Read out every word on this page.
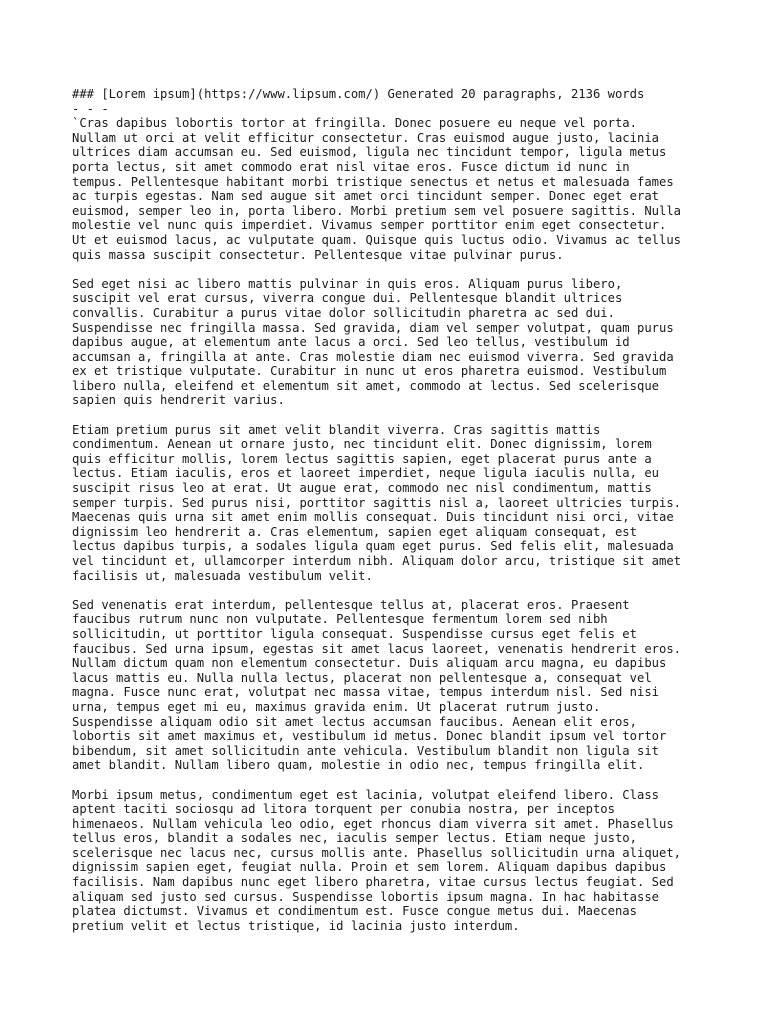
### [Lorem ipsum](https://www.lipsum.com/) Generated 20 paragraphs, 2136 words
- - -
`Cras dapibus lobortis tortor at fringilla. Donec posuere eu neque vel porta.
Nullam ut orci at velit efficitur consectetur. Cras euismod augue justo, lacinia
ultrices diam accumsan eu. Sed euismod, ligula nec tincidunt tempor, ligula metus
porta lectus, sit amet commodo erat nisl vitae eros. Fusce dictum id nunc in
tempus. Pellentesque habitant morbi tristique senectus et netus et malesuada fames
ac turpis egestas. Nam sed augue sit amet orci tincidunt semper. Donec eget erat
euismod, semper leo in, porta libero. Morbi pretium sem vel posuere sagittis. Nulla
molestie vel nunc quis imperdiet. Vivamus semper porttitor enim eget consectetur.
Ut et euismod lacus, ac vulputate quam. Quisque quis luctus odio. Vivamus ac tellus
quis massa suscipit consectetur. Pellentesque vitae pulvinar purus.
Sed eget nisi ac libero mattis pulvinar in quis eros. Aliquam purus libero,
suscipit vel erat cursus, viverra congue dui. Pellentesque blandit ultrices
convallis. Curabitur a purus vitae dolor sollicitudin pharetra ac sed dui.
Suspendisse nec fringilla massa. Sed gravida, diam vel semper volutpat, quam purus
dapibus augue, at elementum ante lacus a orci. Sed leo tellus, vestibulum id
accumsan a, fringilla at ante. Cras molestie diam nec euismod viverra. Sed gravida
ex et tristique vulputate. Curabitur in nunc ut eros pharetra euismod. Vestibulum
libero nulla, eleifend et elementum sit amet, commodo at lectus. Sed scelerisque
sapien quis hendrerit varius.
Etiam pretium purus sit amet velit blandit viverra. Cras sagittis mattis
condimentum. Aenean ut ornare justo, nec tincidunt elit. Donec dignissim, lorem
quis efficitur mollis, lorem lectus sagittis sapien, eget placerat purus ante a
lectus. Etiam iaculis, eros et laoreet imperdiet, neque ligula iaculis nulla, eu
suscipit risus leo at erat. Ut augue erat, commodo nec nisl condimentum, mattis
semper turpis. Sed purus nisi, porttitor sagittis nisl a, laoreet ultricies turpis.
Maecenas quis urna sit amet enim mollis consequat. Duis tincidunt nisi orci, vitae
dignissim leo hendrerit a. Cras elementum, sapien eget aliquam consequat, est
lectus dapibus turpis, a sodales ligula quam eget purus. Sed felis elit, malesuada
vel tincidunt et, ullamcorper interdum nibh. Aliquam dolor arcu, tristique sit amet
facilisis ut, malesuada vestibulum velit.
Sed venenatis erat interdum, pellentesque tellus at, placerat eros. Praesent
faucibus rutrum nunc non vulputate. Pellentesque fermentum lorem sed nibh
sollicitudin, ut porttitor ligula consequat. Suspendisse cursus eget felis et
faucibus. Sed urna ipsum, egestas sit amet lacus laoreet, venenatis hendrerit eros.
Nullam dictum quam non elementum consectetur. Duis aliquam arcu magna, eu dapibus
lacus mattis eu. Nulla nulla lectus, placerat non pellentesque a, consequat vel
magna. Fusce nunc erat, volutpat nec massa vitae, tempus interdum nisl. Sed nisi
urna, tempus eget mi eu, maximus gravida enim. Ut placerat rutrum justo.
Suspendisse aliquam odio sit amet lectus accumsan faucibus. Aenean elit eros,
lobortis sit amet maximus et, vestibulum id metus. Donec blandit ipsum vel tortor
bibendum, sit amet sollicitudin ante vehicula. Vestibulum blandit non ligula sit
amet blandit. Nullam libero quam, molestie in odio nec, tempus fringilla elit.
Morbi ipsum metus, condimentum eget est lacinia, volutpat eleifend libero. Class
aptent taciti sociosqu ad litora torquent per conubia nostra, per inceptos
himenaeos. Nullam vehicula leo odio, eget rhoncus diam viverra sit amet. Phasellus
tellus eros, blandit a sodales nec, iaculis semper lectus. Etiam neque justo,
scelerisque nec lacus nec, cursus mollis ante. Phasellus sollicitudin urna aliquet,
dignissim sapien eget, feugiat nulla. Proin et sem lorem. Aliquam dapibus dapibus
facilisis. Nam dapibus nunc eget libero pharetra, vitae cursus lectus feugiat. Sed
aliquam sed justo sed cursus. Suspendisse lobortis ipsum magna. In hac habitasse
platea dictumst. Vivamus et condimentum est. Fusce congue metus dui. Maecenas
pretium velit et lectus tristique, id lacinia justo interdum.
